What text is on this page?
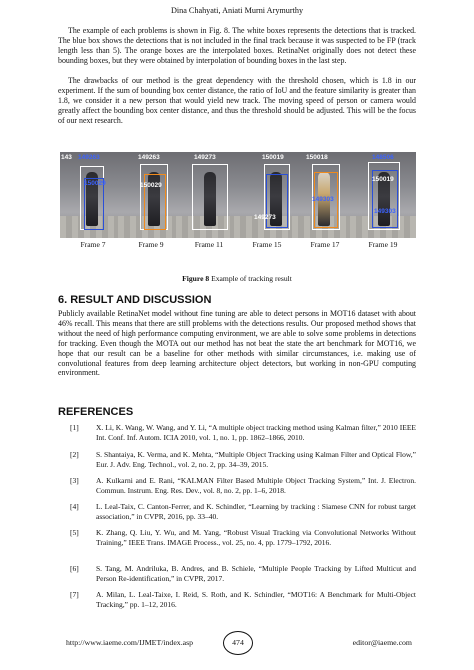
Dina Chahyati, Aniati Murni Arymurthy

The example of each problems is shown in Fig. 8. The white boxes represents the detections that is tracked. The blue box shows the detections that is not included in the final track because it was suspected to be FP (track length less than 5). The orange boxes are the interpolated boxes. RetinaNet originally does not detect these bounding boxes, but they were obtained by interpolation of bounding boxes in the last step.

The drawbacks of our method is the great dependency with the threshold chosen, which is 1.8 in our experiment. If the sum of bounding box center distance, the ratio of IoU and the feature similarity is greater than 1.8, we consider it a new person that would yield new track. The moving speed of person or camera would greatly affect the bounding box center distance, and thus the threshold should be adjusted. This will be the focus of our next research.

143 149263
150029
Frame 7
149263
150029
Frame 9
149273
Frame 11
150019
149273
Frame 15
150018
149303
Frame 17
148506
150019
149303
Frame 19
Figure 8 Example of tracking result
6. RESULT AND DISCUSSION

Publicly available RetinaNet model without fine tuning are able to detect persons in MOT16 dataset with about 46% recall. This means that there are still problems with the detections results. Our proposed method shows that without the need of high performance computing environment, we are able to solve some problems in detections for tracking. Even though the MOTA out our method has not beat the state the art benchmark for MOT16, we hope that our result can be a baseline for other methods with similar circumstances, i.e. making use of convolutional features from deep learning architecture object detectors, but working in non-GPU computing environment.

REFERENCES
[1] X. Li, K. Wang, W. Wang, and Y. Li, “A multiple object tracking method using Kalman filter,” 2010 IEEE Int. Conf. Inf. Autom. ICIA 2010, vol. 1, no. 1, pp. 1862–1866, 2010.
[2] S. Shantaiya, K. Verma, and K. Mehta, “Multiple Object Tracking using Kalman Filter and Optical Flow,” Eur. J. Adv. Eng. Technol., vol. 2, no. 2, pp. 34–39, 2015.
[3] A. Kulkarni and E. Rani, “KALMAN Filter Based Multiple Object Tracking System,” Int. J. Electron. Commun. Instrum. Eng. Res. Dev., vol. 8, no. 2, pp. 1–6, 2018.
[4] L. Leal-Taix, C. Canton-Ferrer, and K. Schindler, “Learning by tracking : Siamese CNN for robust target association,” in CVPR, 2016, pp. 33–40.
[5] K. Zhang, Q. Liu, Y. Wu, and M. Yang, “Robust Visual Tracking via Convolutional Networks Without Training,” IEEE Trans. IMAGE Process., vol. 25, no. 4, pp. 1779–1792, 2016.
[6] S. Tang, M. Andriluka, B. Andres, and B. Schiele, “Multiple People Tracking by Lifted Multicut and Person Re-identification,” in CVPR, 2017.
[7] A. Milan, L. Leal-Taixe, I. Reid, S. Roth, and K. Schindler, “MOT16: A Benchmark for Multi-Object Tracking,” pp. 1–12, 2016.
http://www.iaeme.com/IJMET/index.asp	474	editor@iaeme.com
